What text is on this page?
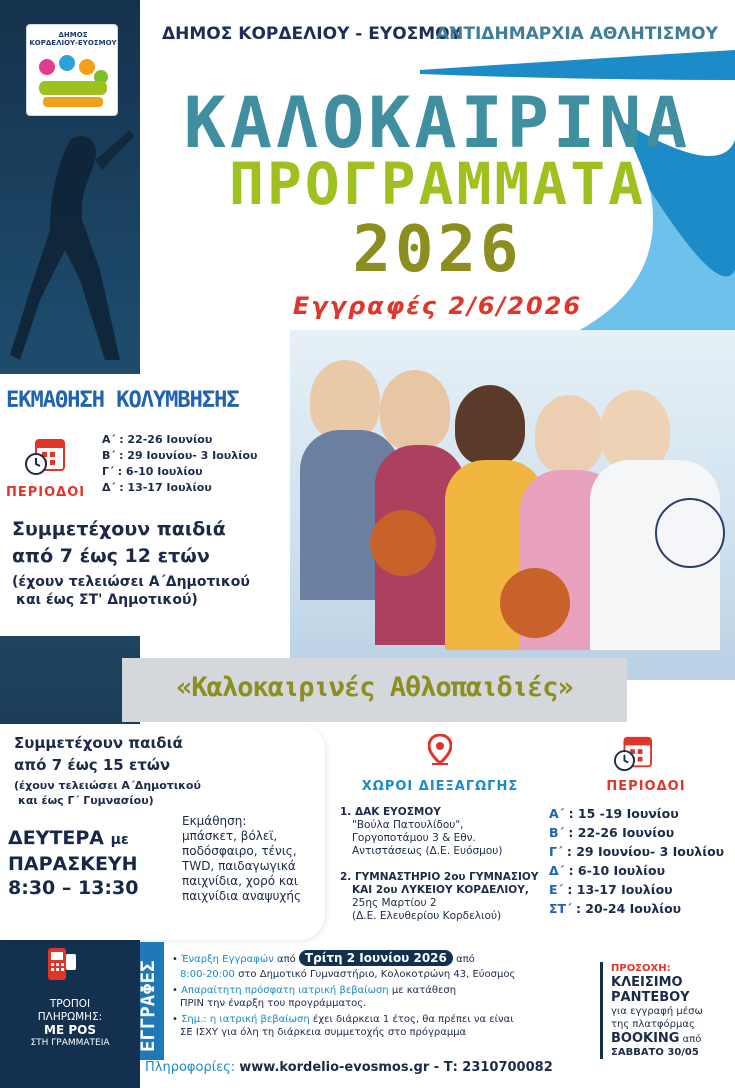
ΔΗΜΟΣ
ΚΟΡΔΕΛΙΟΥ-ΕΥΟΣΜΟΥ	ΔΗΜΟΣ ΚΟΡΔΕΛΙΟΥ - ΕΥΟΣΜΟΥ
ΑΝΤΙΔΗΜΑΡΧΙΑ ΑΘΛΗΤΙΣΜΟΥ
ΚΑΛΟΚΑΙΡΙΝΑ
ΠΡΟΓΡΑΜΜΑΤΑ
2026
Εγγραφές 2/6/2026
ΕΚΜΑΘΗΣΗ ΚΟΛΥΜΒΗΣΗΣ
ΠΕΡΙΟΔΟΙ
Α΄ : 22-26 Ιουνίου
Β΄ : 29 Ιουνίου- 3 Ιουλίου
Γ΄ : 6-10 Ιουλίου
Δ΄ : 13-17 Ιουλίου
Συμμετέχουν παιδιά
από 7 έως 12 ετών
(έχουν τελειώσει Α΄Δημοτικού
και έως ΣΤ' Δημοτικού)
«Καλοκαιρινές Αθλοπαιδιές»
Συμμετέχουν παιδιά
από 7 έως 15 ετών
(έχουν τελειώσει Α΄Δημοτικού
και έως Γ΄ Γυμνασίου)
ΔΕΥΤΕΡΑ με
ΠΑΡΑΣΚΕΥΗ
8:30 – 13:30
Εκμάθηση:
μπάσκετ, βόλεϊ,
ποδόσφαιρο, τένις,
TWD, παιδαγωγικά
παιχνίδια, χορό και
παιχνίδια αναψυχής
ΧΩΡΟΙ ΔΙΕΞΑΓΩΓΗΣ
1. ΔΑΚ ΕΥΟΣΜΟΥ
"Βούλα Πατουλίδου",
Γοργοποτάμου 3 & Εθν.
Αντιστάσεως (Δ.Ε. Ευόσμου)
2. ΓΥΜΝΑΣΤΗΡΙΟ 2ου ΓΥΜΝΑΣΙΟΥ
ΚΑΙ 2ου ΛΥΚΕΙΟΥ ΚΟΡΔΕΛΙΟΥ,
25ης Μαρτίου 2
(Δ.Ε. Ελευθερίου Κορδελιού)
ΠΕΡΙΟΔΟΙ
Α΄ : 15 -19 Ιουνίου
Β΄ : 22-26 Ιουνίου
Γ΄ : 29 Ιουνίου- 3 Ιουλίου
Δ΄ : 6-10 Ιουλίου
Ε΄ : 13-17 Ιουλίου
ΣΤ΄ : 20-24 Ιουλίου
ΤΡΟΠΟΙ
ΠΛΗΡΩΜΗΣ:
ΜΕ POS
ΣΤΗ ΓΡΑΜΜΑΤΕΙΑ	ΕΓΓΡΑΦΕΣ
• Έναρξη Εγγραφών από Τρίτη 2 Ιουνίου 2026 από
8:00-20:00 στο Δημοτικό Γυμναστήριο, Κολοκοτρώνη 43, Εύοσμος
• Απαραίτητη πρόσφατη ιατρική βεβαίωση με κατάθεση
ΠΡΙΝ την έναρξη του προγράμματος.
• Σημ.: η ιατρική βεβαίωση έχει διάρκεια 1 έτος, θα πρέπει να είναι
ΣΕ ΙΣΧΥ για όλη τη διάρκεια συμμετοχής στο πρόγραμμα
Πληροφορίες: www.kordelio-evosmos.gr - Τ: 2310700082
ΠΡΟΣΟΧΗ:
ΚΛΕΙΣΙΜΟ
ΡΑΝΤΕΒΟΥ
για εγγραφή μέσω
της πλατφόρμας
BOOKING από
ΣΑΒΒΑΤΟ 30/05
